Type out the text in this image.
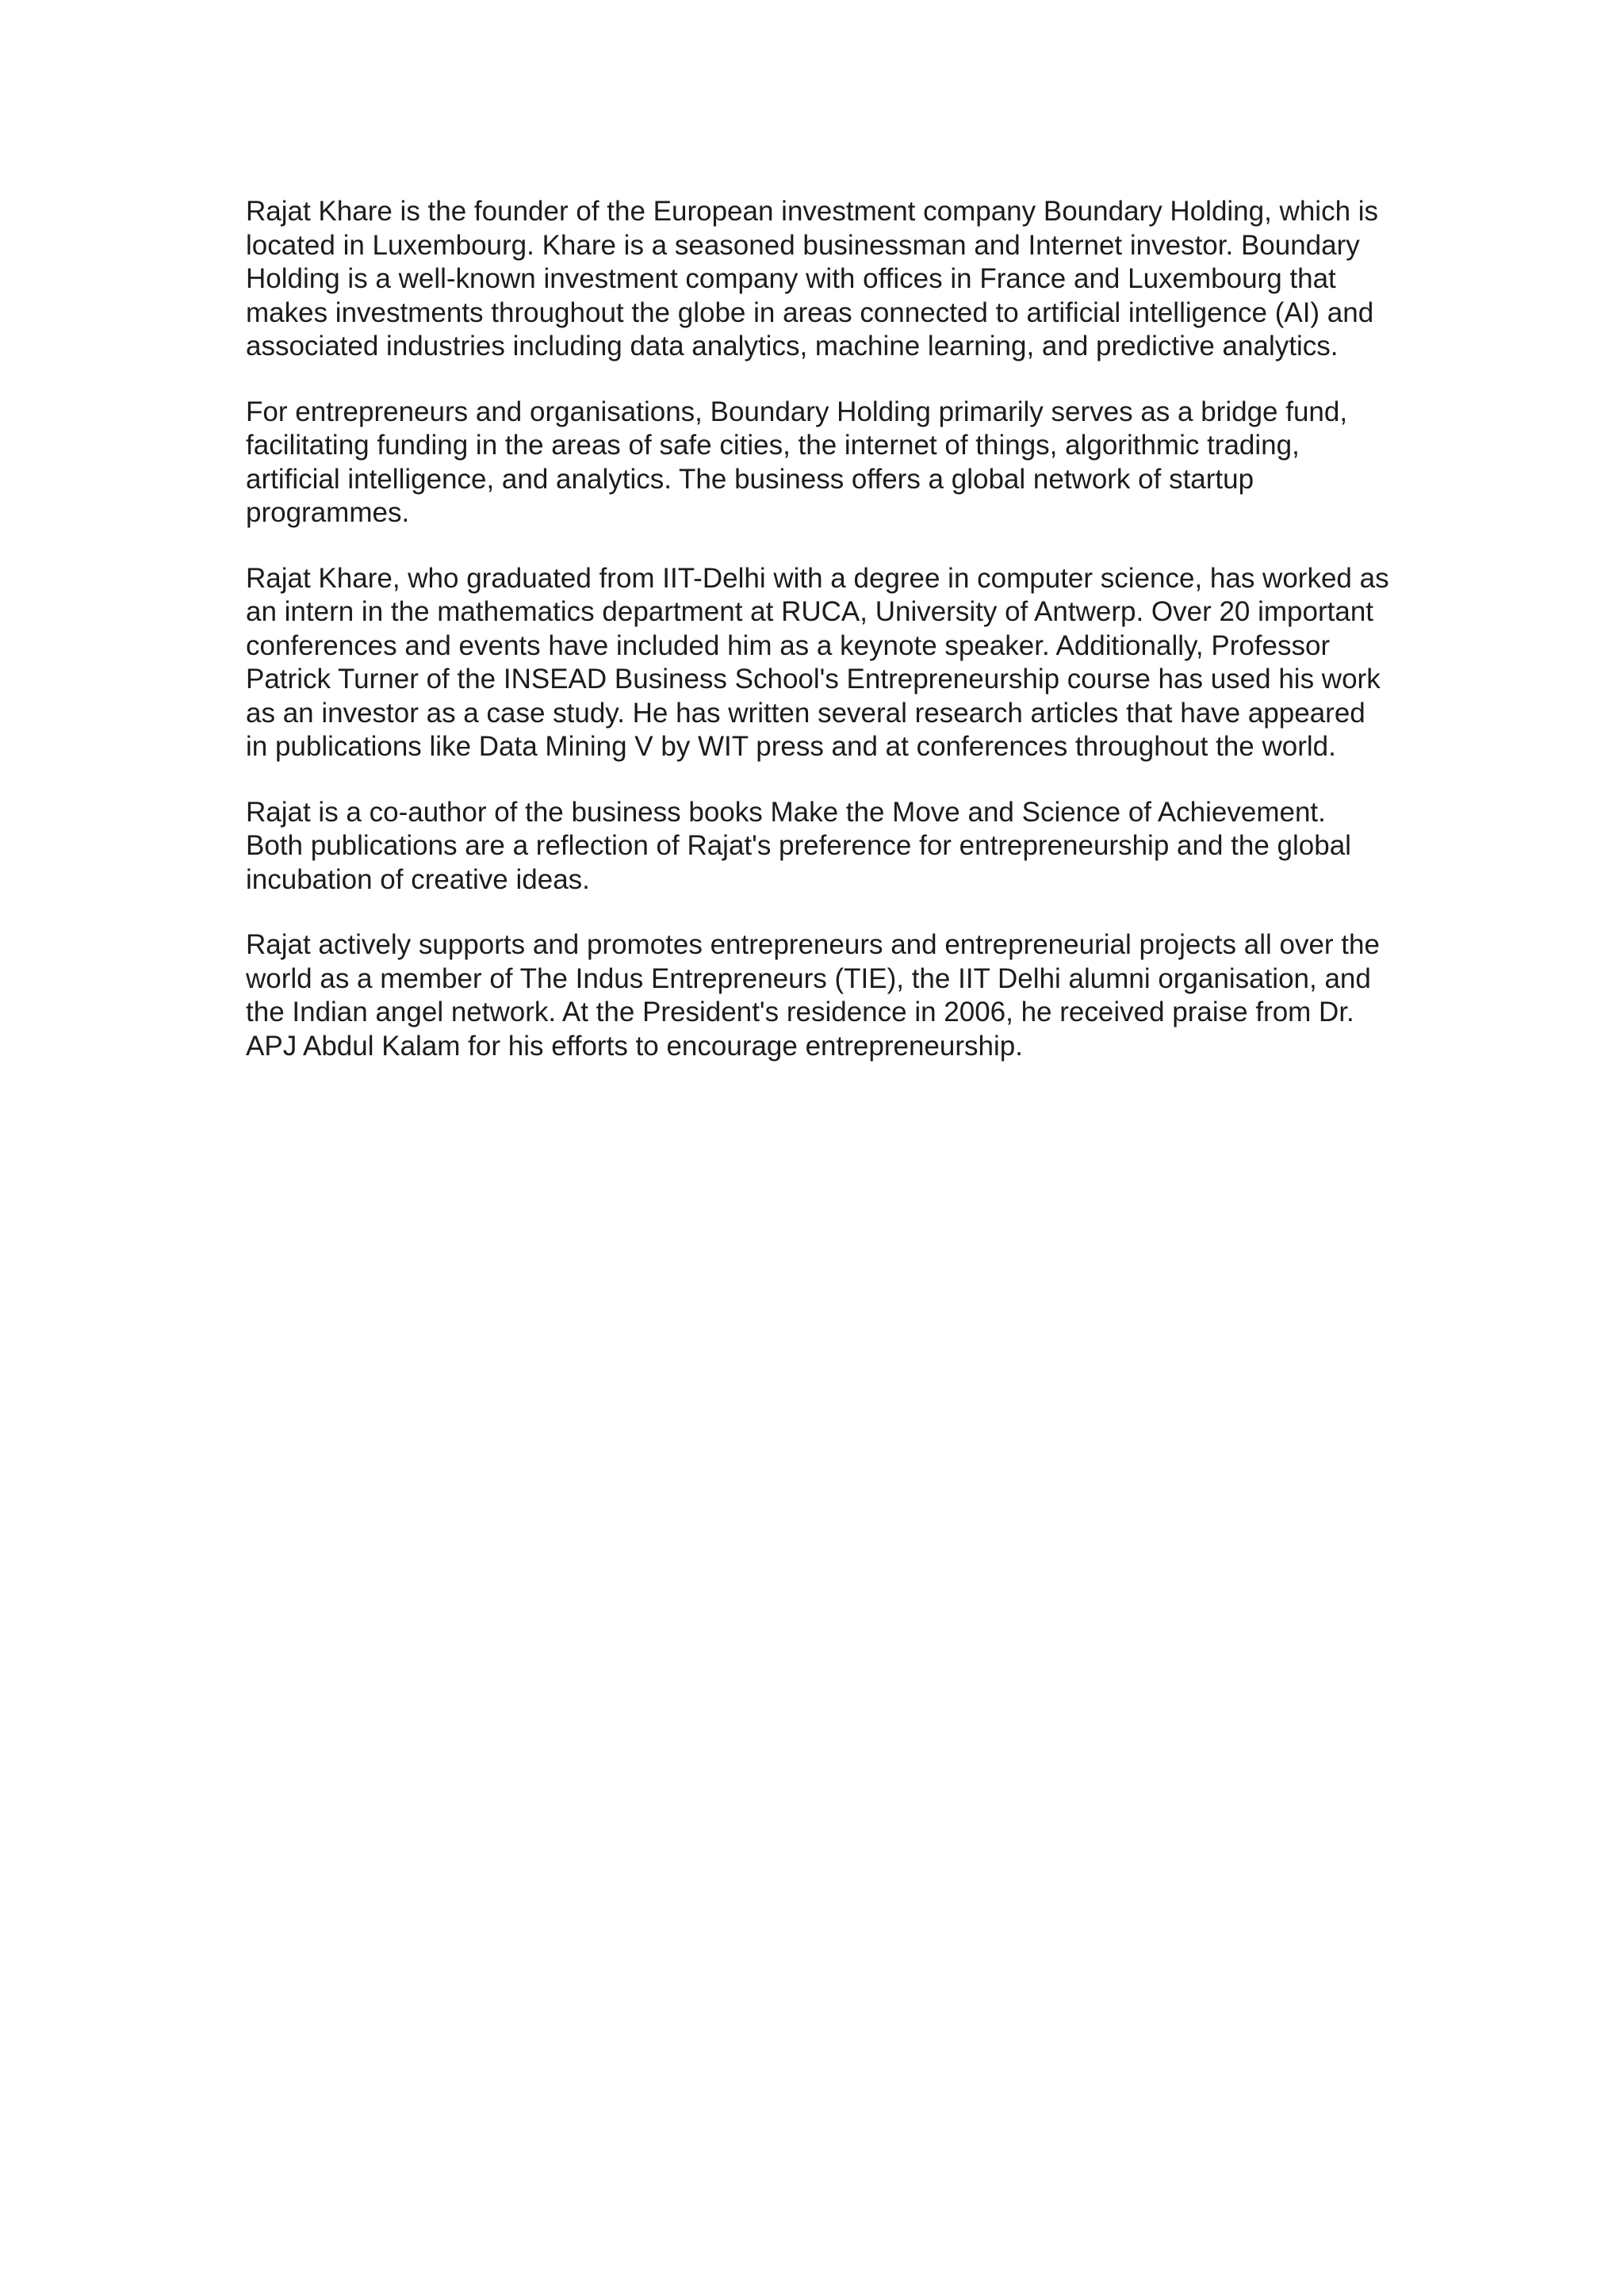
Rajat Khare is the founder of the European investment company Boundary Holding, which is
located in Luxembourg. Khare is a seasoned businessman and Internet investor. Boundary
Holding is a well-known investment company with offices in France and Luxembourg that
makes investments throughout the globe in areas connected to artificial intelligence (AI) and
associated industries including data analytics, machine learning, and predictive analytics.

For entrepreneurs and organisations, Boundary Holding primarily serves as a bridge fund,
facilitating funding in the areas of safe cities, the internet of things, algorithmic trading,
artificial intelligence, and analytics. The business offers a global network of startup
programmes.

Rajat Khare, who graduated from IIT-Delhi with a degree in computer science, has worked as
an intern in the mathematics department at RUCA, University of Antwerp. Over 20 important
conferences and events have included him as a keynote speaker. Additionally, Professor
Patrick Turner of the INSEAD Business School's Entrepreneurship course has used his work
as an investor as a case study. He has written several research articles that have appeared
in publications like Data Mining V by WIT press and at conferences throughout the world.

Rajat is a co-author of the business books Make the Move and Science of Achievement.
Both publications are a reflection of Rajat's preference for entrepreneurship and the global
incubation of creative ideas.

Rajat actively supports and promotes entrepreneurs and entrepreneurial projects all over the
world as a member of The Indus Entrepreneurs (TIE), the IIT Delhi alumni organisation, and
the Indian angel network. At the President's residence in 2006, he received praise from Dr.
APJ Abdul Kalam for his efforts to encourage entrepreneurship.
